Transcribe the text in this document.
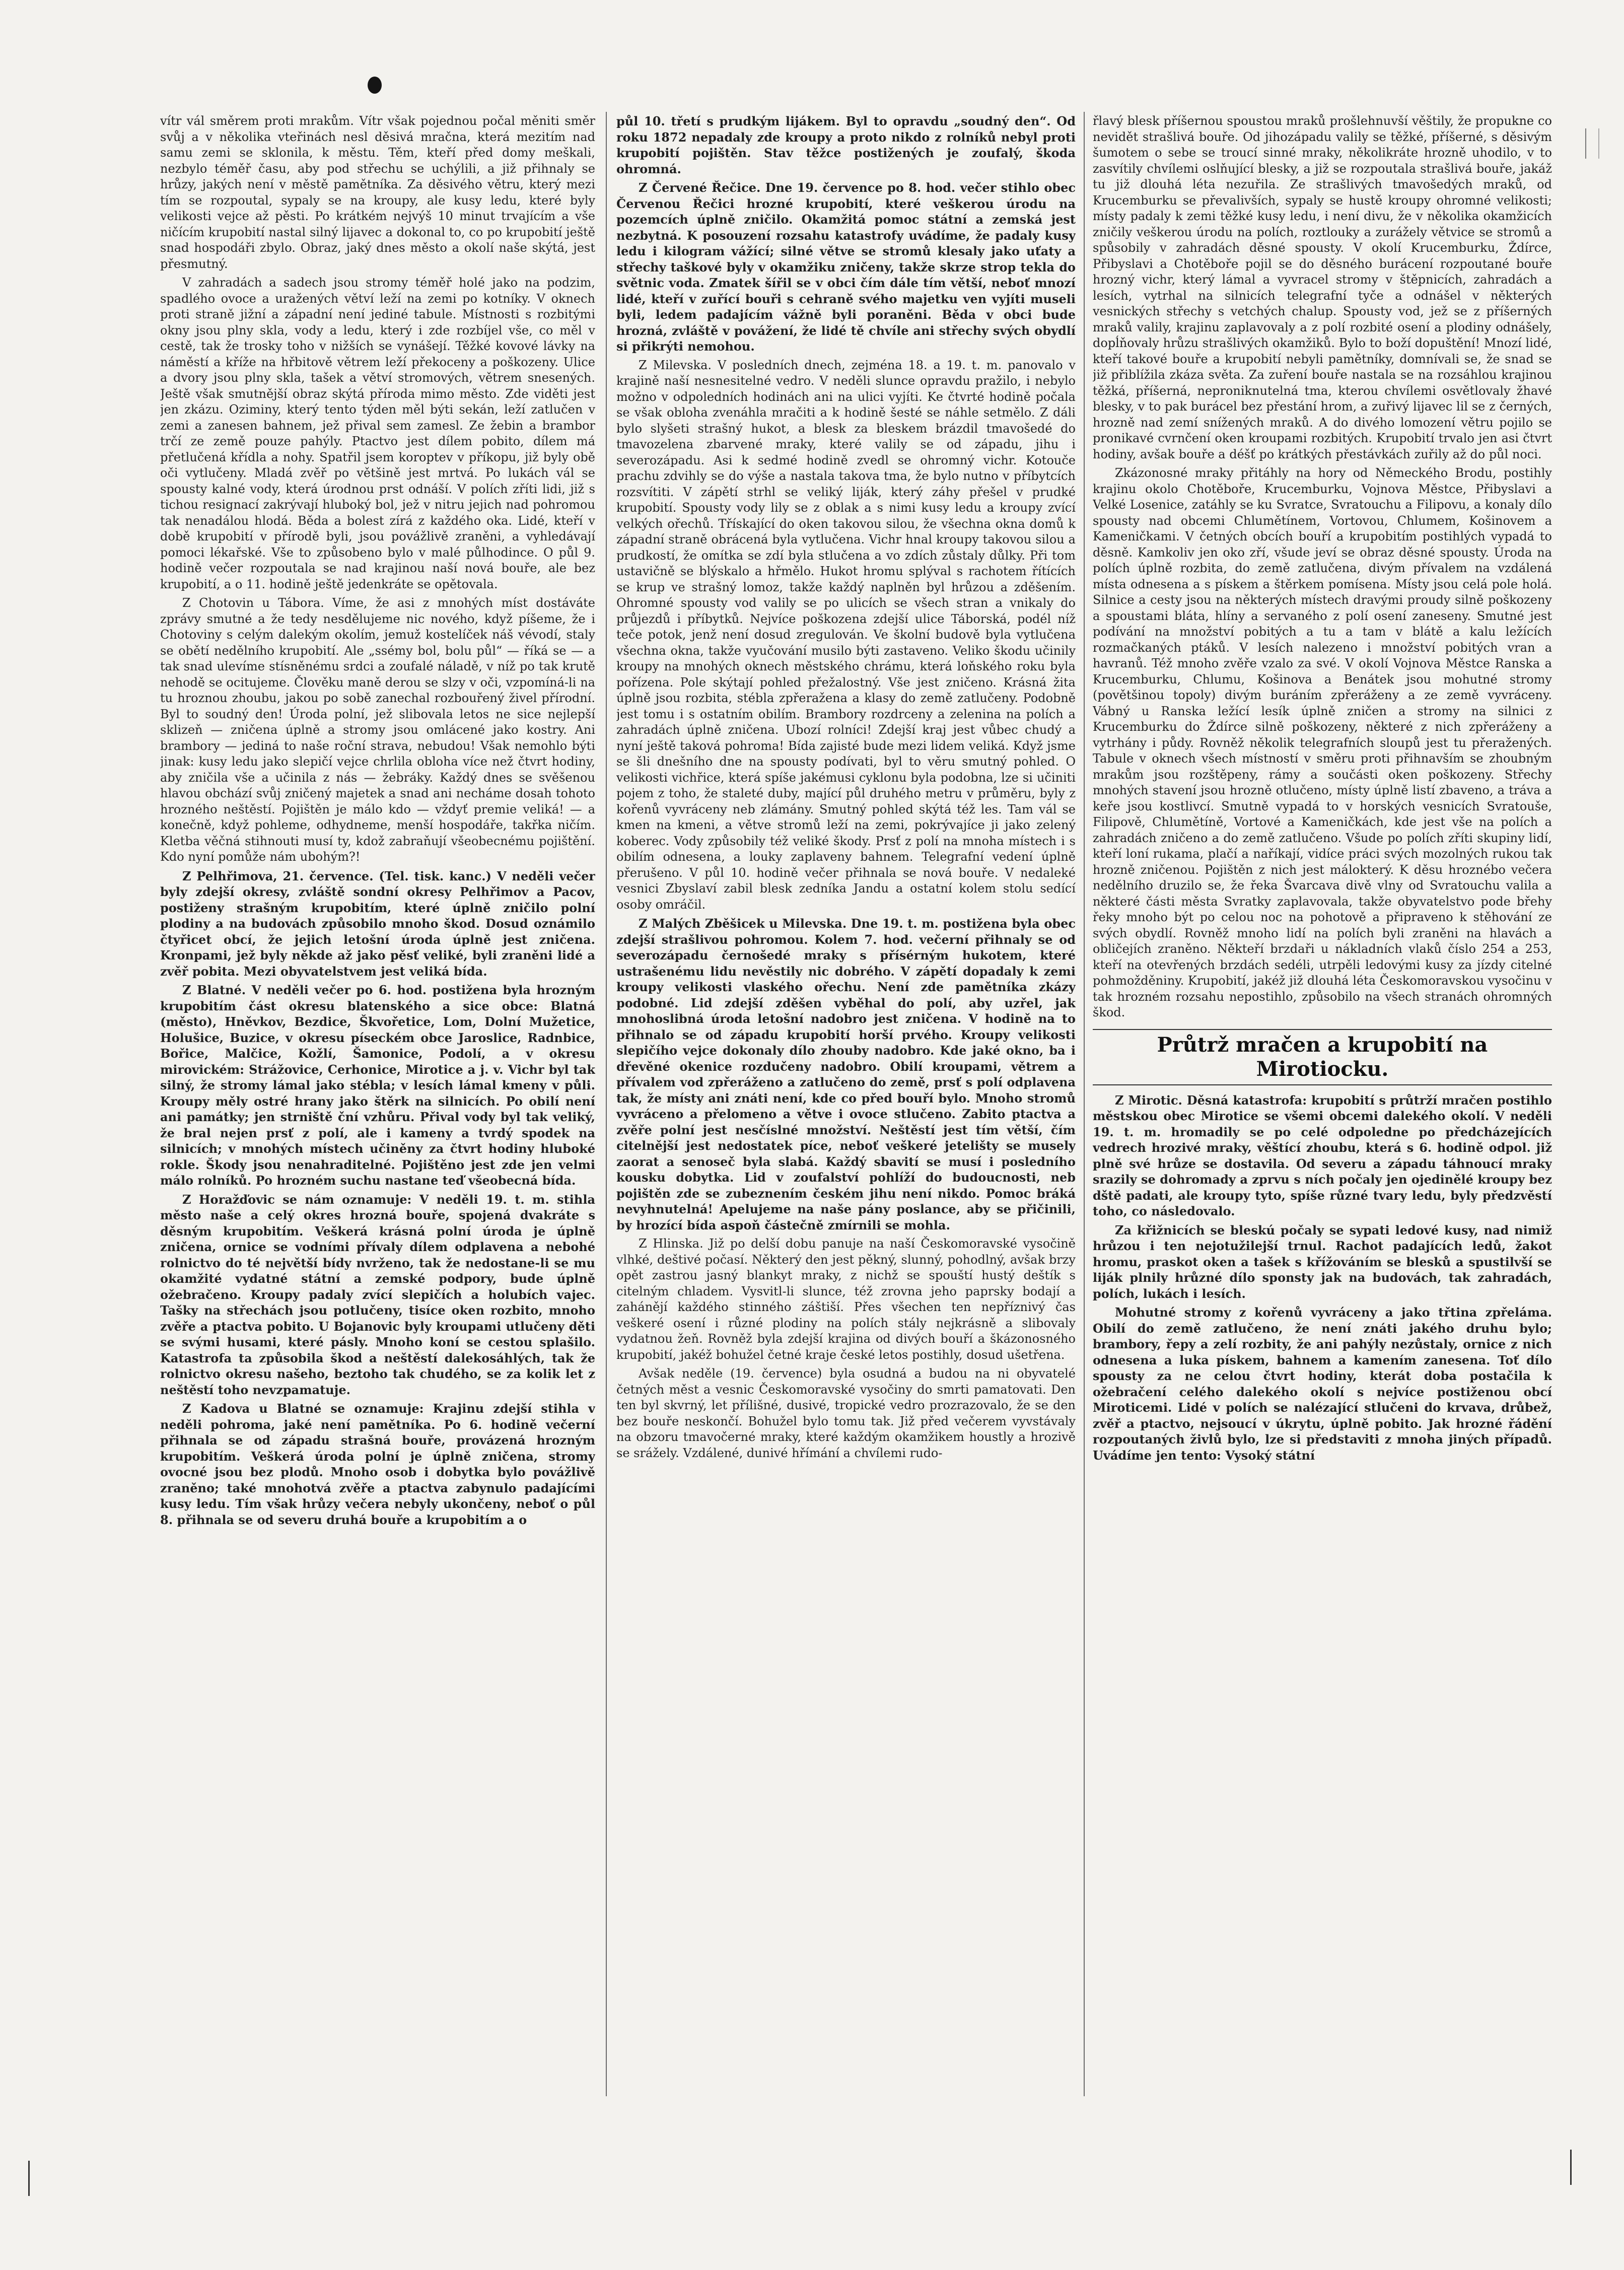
vítr vál směrem proti mrakům. Vítr však pojednou počal měniti směr svůj a v několika vteřinách nesl děsivá mračna, která mezitím nad samu zemi se sklonila, k městu. Těm, kteří před domy meškali, nezbylo téměř času, aby pod střechu se uchýlili, a již přihnaly se hrůzy, jakých není v městě pamětníka. Za děsivého větru, který mezi tím se rozpoutal, sypaly se na kroupy, ale kusy ledu, které byly velikosti vejce až pěsti. Po krátkém nejvýš 10 minut trvajícím a vše ničícím krupobití nastal silný lijavec a dokonal to, co po krupobití ještě snad hospodáři zbylo. Obraz, jaký dnes město a okolí naše skýtá, jest přesmutný.

V zahradách a sadech jsou stromy téměř holé jako na podzim, spadlého ovoce a uražených větví leží na zemi po kotníky. V oknech proti straně jižní a západní není jediné tabule. Místnosti s rozbitými okny jsou plny skla, vody a ledu, který i zde rozbíjel vše, co měl v cestě, tak že trosky toho v nižších se vynášejí. Těžké kovové lávky na náměstí a kříže na hřbitově větrem leží překoceny a poškozeny. Ulice a dvory jsou plny skla, tašek a větví stromových, větrem snesených. Ještě však smutnější obraz skýtá příroda mimo město. Zde viděti jest jen zkázu. Oziminy, který tento týden měl býti sekán, leží zatlučen v zemi a zanesen bahnem, jež přival sem zamesl. Ze žebin a brambor trčí ze země pouze pahýly. Ptactvo jest dílem pobito, dílem má přetlučená křídla a nohy. Spatřil jsem koroptev v příkopu, již byly obě oči vytlučeny. Mladá zvěř po většině jest mrtvá. Po lukách vál se spousty kalné vody, která úrodnou prst odnáší. V polích zříti lidi, již s tichou resignací zakrývají hluboký bol, jež v nitru jejich nad pohromou tak nenadálou hlodá. Běda a bolest zírá z každého oka. Lidé, kteří v době krupobití v přírodě byli, jsou povážlivě zraněni, a vyhledávají pomoci lékařské. Vše to způsobeno bylo v malé půlhodince. O půl 9. hodině večer rozpoutala se nad krajinou naší nová bouře, ale bez krupobití, a o 11. hodině ještě jedenkráte se opětovala.

Z Chotovin u Tábora. Víme, že asi z mnohých míst dostáváte zprávy smutné a že tedy nesdělujeme nic nového, když píšeme, že i Chotoviny s celým dalekým okolím, jemuž kostelíček náš vévodí, staly se obětí nedělního krupobití. Ale „ssémy bol, bolu půl“ — říká se — a tak snad ulevíme stísněnému srdci a zoufalé náladě, v níž po tak krutě nehodě se ocitujeme. Člověku maně derou se slzy v oči, vzpomíná-li na tu hroznou zhoubu, jakou po sobě zanechal rozbouřený živel přírodní. Byl to soudný den! Úroda polní, jež slibovala letos ne sice nejlepší sklizeň — zničena úplně a stromy jsou omlácené jako kostry. Ani brambory — jediná to naše roční strava, nebudou! Však nemohlo býti jinak: kusy ledu jako slepičí vejce chrlila obloha více než čtvrt hodiny, aby zničila vše a učinila z nás — žebráky. Každý dnes se svěšenou hlavou obchází svůj zničený majetek a snad ani necháme dosah tohoto hrozného neštěstí. Pojištěn je málo kdo — vždyť premie veliká! — a konečně, když pohleme, odhydneme, menší hospodáře, takřka ničím. Kletba věčná stihnouti musí ty, kdož zabraňují všeobecnému pojištění. Kdo nyní pomůže nám ubohým?!

Z Pelhřimova, 21. července. (Tel. tisk. kanc.) V neděli večer byly zdejší okresy, zvláště sondní okresy Pelhřimov a Pacov, postiženy strašným krupobitím, které úplně zničilo polní plodiny a na budovách způsobilo mnoho škod. Dosud oznámilo čtyřicet obcí, že jejich letošní úroda úplně jest zničena. Kronpami, jež byly někde až jako pěsť veliké, byli zraněni lidé a zvěř pobita. Mezi obyvatelstvem jest veliká bída.

Z Blatné. V neděli večer po 6. hod. postižena byla hrozným krupobitím část okresu blatenského a sice obce: Blatná (město), Hněvkov, Bezdice, Škvořetice, Lom, Dolní Mužetice, Holušice, Buzice, v okresu píseckém obce Jaroslice, Radnbice, Bořice, Malčice, Kožlí, Šamonice, Podolí, a v okresu mirovickém: Strážovice, Cerhonice, Mirotice a j. v. Vichr byl tak silný, že stromy lámal jako stébla; v lesích lámal kmeny v půli. Kroupy měly ostré hrany jako štěrk na silnicích. Po obilí není ani památky; jen strniště ční vzhůru. Přival vody byl tak veliký, že bral nejen prsť z polí, ale i kameny a tvrdý spodek na silnicích; v mnohých místech učiněny za čtvrt hodiny hluboké rokle. Škody jsou nenahraditelné. Pojištěno jest zde jen velmi málo rolníků. Po hrozném suchu nastane teď všeobecná bída.

Z Horažďovic se nám oznamuje: V neděli 19. t. m. stihla město naše a celý okres hrozná bouře, spojená dvakráte s děsným krupobitím. Veškerá krásná polní úroda je úplně zničena, ornice se vodními přívaly dílem odplavena a nebohé rolnictvo do té největší bídy nvrženo, tak že nedostane-li se mu okamžité vydatné státní a zemské podpory, bude úplně ožebračeno. Kroupy padaly zvící slepičích a holubích vajec. Tašky na střechách jsou potlučeny, tisíce oken rozbito, mnoho zvěře a ptactva pobito. U Bojanovic byly kroupami utlučeny děti se svými husami, které pásly. Mnoho koní se cestou splašilo. Katastrofa ta způsobila škod a neštěstí dalekosáhlých, tak že rolnictvo okresu našeho, beztoho tak chudého, se za kolik let z neštěstí toho nevzpamatuje.

Z Kadova u Blatné se oznamuje: Krajinu zdejší stihla v neděli pohroma, jaké není pamětníka. Po 6. hodině večerní přihnala se od západu strašná bouře, provázená hrozným krupobitím. Veškerá úroda polní je úplně zničena, stromy ovocné jsou bez plodů. Mnoho osob i dobytka bylo povážlivě zraněno; také mnohotvá zvěře a ptactva zabynulo padajícími kusy ledu. Tím však hrůzy večera nebyly ukončeny, neboť o půl 8. přihnala se od severu druhá bouře a krupobitím a o

půl 10. třetí s prudkým lijákem. Byl to opravdu „soudný den“. Od roku 1872 nepadaly zde kroupy a proto nikdo z rolníků nebyl proti krupobití pojištěn. Stav těžce postižených je zoufalý, škoda ohromná.

Z Červené Řečice. Dne 19. července po 8. hod. večer stihlo obec Červenou Řečici hrozné krupobití, které veškerou úrodu na pozemcích úplně zničilo. Okamžitá pomoc státní a zemská jest nezbytná. K posouzení rozsahu katastrofy uvádíme, že padaly kusy ledu i kilogram vážící; silné větve se stromů klesaly jako uťaty a střechy taškové byly v okamžiku zničeny, takže skrze strop tekla do světnic voda. Zmatek šířil se v obci čím dále tím větší, neboť mnozí lidé, kteří v zuřící bouři s cehraně svého majetku ven vyjíti museli byli, ledem padajícím vážně byli poraněni. Běda v obci bude hrozná, zvláště v povážení, že lidé tě chvíle ani střechy svých obydlí si přikrýti nemohou.

Z Milevska. V posledních dnech, zejména 18. a 19. t. m. panovalo v krajině naší nesnesitelné vedro. V neděli slunce opravdu pražilo, i nebylo možno v odpoledních hodinách ani na ulici vyjíti. Ke čtvrté hodině počala se však obloha zvenáhla mračiti a k hodině šesté se náhle setmělo. Z dáli bylo slyšeti strašný hukot, a blesk za bleskem brázdil tmavošedé do tmavozelena zbarvené mraky, které valily se od západu, jihu i severozápadu. Asi k sedmé hodině zvedl se ohromný vichr. Kotouče prachu zdvihly se do výše a nastala takova tma, že bylo nutno v příbytcích rozsvítiti. V zápětí strhl se veliký liják, který záhy přešel v prudké krupobití. Spousty vody lily se z oblak a s nimi kusy ledu a kroupy zvící velkých ořechů. Třískající do oken takovou silou, že všechna okna domů k západní straně obrácená byla vytlučena. Vichr hnal kroupy takovou silou a prudkostí, že omítka se zdí byla stlučena a vo zdích zůstaly důlky. Při tom ustavičně se blýskalo a hřmělo. Hukot hromu splýval s rachotem řítících se krup ve strašný lomoz, takže každý naplněn byl hrůzou a zděšením. Ohromné spousty vod valily se po ulicích se všech stran a vnikaly do průjezdů i příbytků. Nejvíce poškozena zdejší ulice Táborská, podél níž teče potok, jenž není dosud zregulován. Ve školní budově byla vytlučena všechna okna, takže vyučování musilo býti zastaveno. Veliko škodu učinily kroupy na mnohých oknech městského chrámu, která loňského roku byla pořízena. Pole skýtají pohled přežalostný. Vše jest zničeno. Krásná žita úplně jsou rozbita, stébla zpřeražena a klasy do země zatlučeny. Podobně jest tomu i s ostatním obilím. Brambory rozdrceny a zelenina na polích a zahradách úplně zničena. Ubozí rolníci! Zdejší kraj jest vůbec chudý a nyní ještě taková pohroma! Bída zajisté bude mezi lidem veliká. Když jsme se šli dnešního dne na spousty podívati, byl to věru smutný pohled. O velikosti vichřice, která spíše jakémusi cyklonu byla podobna, lze si učiniti pojem z toho, že staleté duby, mající půl druhého metru v průměru, byly z kořenů vyvráceny neb zlámány. Smutný pohled skýtá též les. Tam vál se kmen na kmeni, a větve stromů leží na zemi, pokrývajíce ji jako zelený koberec. Vody způsobily též veliké škody. Prsť z polí na mnoha místech i s obilím odnesena, a louky zaplaveny bahnem. Telegrafní vedení úplně přerušeno. V půl 10. hodině večer přihnala se nová bouře. V nedaleké vesnici Zbyslaví zabil blesk zedníka Jandu a ostatní kolem stolu sedící osoby omráčil.

Z Malých Zběšicek u Milevska. Dne 19. t. m. postižena byla obec zdejší strašlivou pohromou. Kolem 7. hod. večerní přihnaly se od severozápadu černošedé mraky s přísérným hukotem, které ustrašenému lidu nevěstily nic dobrého. V zápětí dopadaly k zemi kroupy velikosti vlaského ořechu. Není zde pamětníka zkázy podobné. Lid zdejší zděšen vyběhal do polí, aby uzřel, jak mnohoslibná úroda letošní nadobro jest zničena. V hodině na to přihnalo se od západu krupobití horší prvého. Kroupy velikosti slepičího vejce dokonaly dílo zhouby nadobro. Kde jaké okno, ba i dřevěné okenice rozdučeny nadobro. Obilí kroupami, větrem a přívalem vod zpřeráženo a zatlučeno do země, prsť s polí odplavena tak, že místy ani znáti není, kde co před bouří bylo. Mnoho stromů vyvráceno a přelomeno a větve i ovoce stlučeno. Zabito ptactva a zvěře polní jest nesčíslné množství. Neštěstí jest tím větší, čím citelnější jest nedostatek píce, neboť veškeré jetelišty se musely zaorat a senoseč byla slabá. Každý sbavití se musí i posledního kousku dobytka. Lid v zoufalství pohlíží do budoucnosti, neb pojištěn zde se zubeznením českém jihu není nikdo. Pomoc bráká nevyhnutelná! Apelujeme na naše pány poslance, aby se přičinili, by hrozící bída aspoň částečně zmírnili se mohla.

Z Hlinska. Již po delší dobu panuje na naší Českomoravské vysočině vlhké, deštivé počasí. Některý den jest pěkný, slunný, pohodlný, avšak brzy opět zastrou jasný blankyt mraky, z nichž se spouští hustý deštík s citelným chladem. Vysvitl-li slunce, též zrovna jeho paprsky bodají a zahánějí každého stinného záštiší. Přes všechen ten nepříznivý čas veškeré osení i různé plodiny na polích stály nejkrásně a slibovaly vydatnou žeň. Rovněž byla zdejší krajina od divých bouří a škázonosného krupobití, jakéž bohužel četné kraje české letos postihly, dosud ušetřena.

Avšak neděle (19. července) byla osudná a budou na ni obyvatelé četných měst a vesnic Českomoravské vysočiny do smrti pamatovati. Den ten byl skvrný, let přílišné, dusivé, tropické vedro prozrazovalo, že se den bez bouře neskončí. Bohužel bylo tomu tak. Již před večerem vyvstávaly na obzoru tmavočerné mraky, které každým okamžikem houstly a hrozivě se srážely. Vzdálené, dunivé hřímání a chvílemi rudo-

řlavý blesk příšernou spoustou mraků prošlehnuvší věštily, že propukne co nevidět strašlivá bouře. Od jihozápadu valily se těžké, příšerné, s děsivým šumotem o sebe se troucí sinné mraky, několikráte hrozně uhodilo, v to zasvítily chvílemi oslňující blesky, a již se rozpoutala strašlivá bouře, jakáž tu již dlouhá léta nezuřila. Ze strašlivých tmavošedých mraků, od Krucemburku se převalivších, sypaly se hustě kroupy ohromné velikosti; místy padaly k zemi těžké kusy ledu, i není divu, že v několika okamžicích zničily veškerou úrodu na polích, roztlouky a zurážely větvice se stromů a spůsobily v zahradách děsné spousty. V okolí Krucemburku, Ždírce, Přibyslavi a Chotěboře pojil se do děsného burácení rozpoutané bouře hrozný vichr, který lámal a vyvracel stromy v štěpnicích, zahradách a lesích, vytrhal na silnicích telegrafní tyče a odnášel v některých vesnických střechy s vetchých chalup. Spousty vod, jež se z příšerných mraků valily, krajinu zaplavovaly a z polí rozbité osení a plodiny odnášely, dopĺňovaly hrůzu strašlivých okamžiků. Bylo to boží dopuštění! Mnozí lidé, kteří takové bouře a krupobití nebyli pamětníky, domnívali se, že snad se již přiblížila zkáza světa. Za zuření bouře nastala se na rozsáhlou krajinou těžká, příšerná, neproniknutelná tma, kterou chvílemi osvětlovaly žhavé blesky, v to pak burácel bez přestání hrom, a zuřivý lijavec lil se z černých, hrozně nad zemí snížených mraků. A do divého lomození větru pojilo se pronikavé cvrnčení oken kroupami rozbitých. Krupobití trvalo jen asi čtvrt hodiny, avšak bouře a déšť po krátkých přestávkách zuřily až do půl noci.

Zkázonosné mraky přitáhly na hory od Německého Brodu, postihly krajinu okolo Chotěboře, Krucemburku, Vojnova Městce, Přibyslavi a Velké Losenice, zatáhly se ku Svratce, Svratouchu a Filipovu, a konaly dílo spousty nad obcemi Chlumětínem, Vortovou, Chlumem, Košinovem a Kameničkami. V četných obcích bouří a krupobitím postihlých vypadá to děsně. Kamkoliv jen oko zří, všude jeví se obraz děsné spousty. Úroda na polích úplně rozbita, do země zatlučena, divým přívalem na vzdálená místa odnesena a s pískem a štěrkem pomísena. Místy jsou celá pole holá. Silnice a cesty jsou na některých místech dravými proudy silně poškozeny a spoustami bláta, hlíny a servaného z polí osení zaneseny. Smutné jest podívání na množství pobitých a tu a tam v blátě a kalu ležících rozmačkaných ptáků. V lesích nalezeno i množství pobitých vran a havranů. Též mnoho zvěře vzalo za své. V okolí Vojnova Městce Ranska a Krucemburku, Chlumu, Košinova a Benátek jsou mohutné stromy (povětšinou topoly) divým buráním zpřeráženy a ze země vyvráceny. Vábný u Ranska ležící lesík úplně zničen a stromy na silnici z Krucemburku do Ždírce silně poškozeny, některé z nich zpřeráženy a vytrhány i půdy. Rovněž několik telegrafních sloupů jest tu přeražených. Tabule v oknech všech místností v směru proti přihnavším se zhoubným mrakům jsou rozštěpeny, rámy a součásti oken poškozeny. Střechy mnohých stavení jsou hrozně otlučeno, místy úplně listí zbaveno, a tráva a keře jsou kostlivcí. Smutně vypadá to v horských vesnicích Svratouše, Filipově, Chlumětíně, Vortové a Kameničkách, kde jest vše na polích a zahradách zničeno a do země zatlučeno. Všude po polích zříti skupiny lidí, kteří loní rukama, plačí a naříkají, vidíce práci svých mozolných rukou tak hrozně zničenou. Pojištěn z nich jest málokterý. K děsu hroznébo večera nedělního druzilo se, že řeka Švarcava divě vlny od Svratouchu valila a některé části města Svratky zaplavovala, takže obyvatelstvo pode břehy řeky mnoho být po celou noc na pohotově a připraveno k stěhování ze svých obydlí. Rovněž mnoho lidí na polích byli zraněni na hlavách a obličejích zraněno. Někteří brzdaři u nákladních vlaků číslo 254 a 253, kteří na otevřených brzdách sedéli, utrpěli ledovými kusy za jízdy citelné pohmožděniny. Krupobití, jakéž již dlouhá léta Českomoravskou vysočinu v tak hrozném rozsahu nepostihlo, způsobilo na všech stranách ohromných škod.

Průtrž mračen a krupobití na Mirotiocku.

Z Mirotic. Děsná katastrofa: krupobití s průtrží mračen postihlo městskou obec Mirotice se všemi obcemi dalekého okolí. V neděli 19. t. m. hromadily se po celé odpoledne po předcházejících vedrech hrozivé mraky, věštící zhoubu, která s 6. hodině odpol. již plně své hrůze se dostavila. Od severu a západu táhnoucí mraky srazily se dohromady a zprvu s ních počaly jen ojedinělé kroupy bez dště padati, ale kroupy tyto, spíše různé tvary ledu, byly předzvěstí toho, co následovalo.

Za křižnicích se bleskú počaly se sypati ledové kusy, nad nimiž hrůzou i ten nejotužilejší trnul. Rachot padajících ledů, žakot hromu, praskot oken a tašek s křížováním se blesků a spustilvší se liják plnily hrůzné dílo sponsty jak na budovách, tak zahradách, polích, lukách i lesích.

Mohutné stromy z kořenů vyvráceny a jako třtina zpřeláma. Obilí do země zatlučeno, že není znáti jakého druhu bylo; brambory, řepy a zelí rozbity, že ani pahýly nezůstaly, ornice z nich odnesena a luka pískem, bahnem a kamením zanesena. Toť dílo spousty za ne celou čtvrt hodiny, kterát doba postačila k ožebračení celého dalekého okolí s nejvíce postiženou obcí Miroticemi. Lidé v polích se nalézající stlučeni do krvava, drůbež, zvěř a ptactvo, nejsoucí v úkrytu, úplně pobito. Jak hrozné řádění rozpoutaných živlů bylo, lze si představiti z mnoha jiných případů. Uvádíme jen tento: Vysoký státní
